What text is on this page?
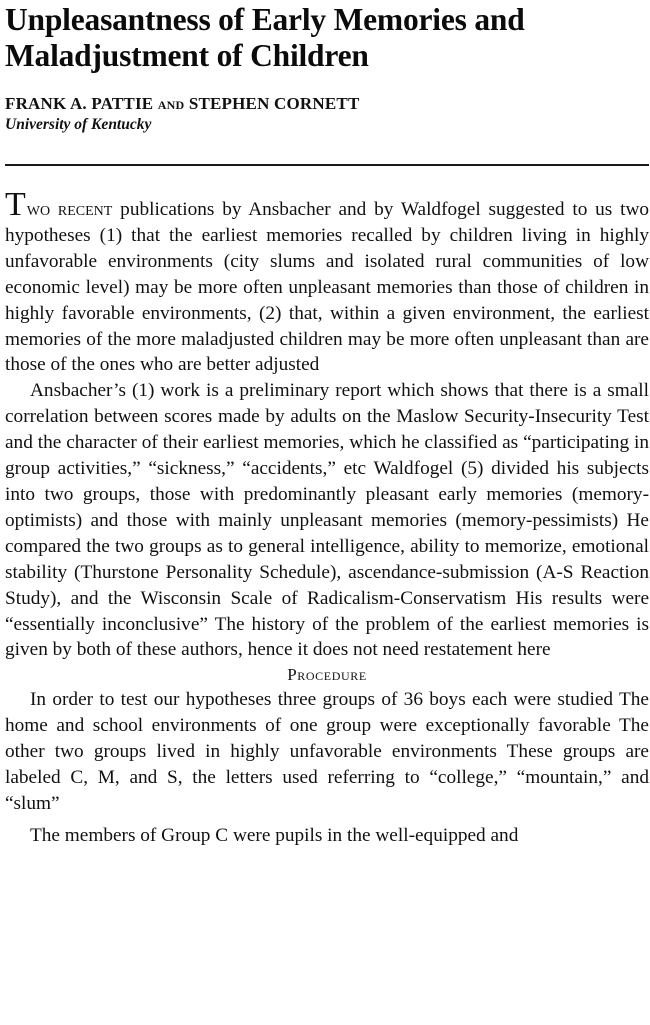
Unpleasantness of Early Memories and
Maladjustment of Children

FRANK A. PATTIE and STEPHEN CORNETT

University of Kentucky

Two recent publications by Ansbacher and by Waldfogel suggested to us two hypotheses (1) that the earliest memories recalled by children living in highly unfavorable environments (city slums and isolated rural communities of low economic level) may be more often unpleasant memories than those of children in highly favorable environments, (2) that, within a given environment, the earliest memories of the more maladjusted children may be more often unpleasant than are those of the ones who are better adjusted

Ansbacher’s (1) work is a preliminary report which shows that there is a small correlation between scores made by adults on the Maslow Security-Insecurity Test and the character of their earliest memories, which he classified as “participating in group activities,” “sickness,” “accidents,” etc Waldfogel (5) divided his subjects into two groups, those with predominantly pleasant early memories (memory-optimists) and those with mainly unpleasant memories (memory-pessimists) He compared the two groups as to general intelligence, ability to memorize, emotional stability (Thurstone Personality Schedule), ascendance-submission (A-S Reaction Study), and the Wisconsin Scale of Radicalism-Conservatism His results were “essentially inconclusive” The history of the problem of the earliest memories is given by both of these authors, hence it does not need restatement here

Procedure

In order to test our hypotheses three groups of 36 boys each were studied The home and school environments of one group were exceptionally favorable The other two groups lived in highly unfavorable environments These groups are labeled C, M, and S, the letters used referring to “college,” “mountain,” and “slum”

The members of Group C were pupils in the well-equipped and
